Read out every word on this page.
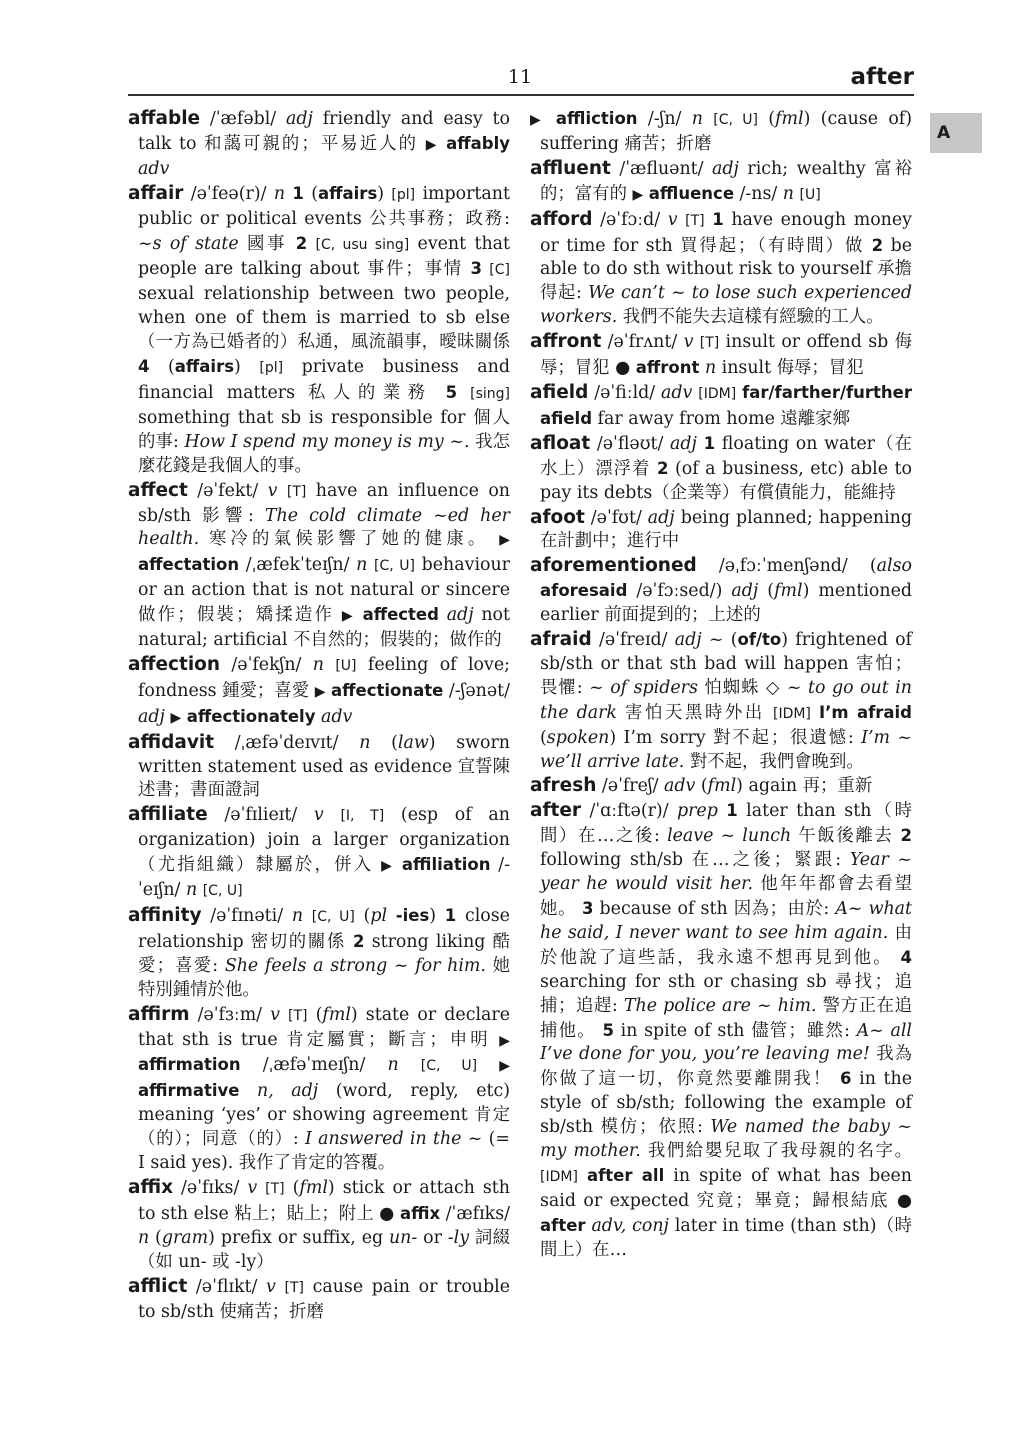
11	after
A

affable /ˈæfəbl/ adj friendly and easy to talk to 和藹可親的；平易近人的 ▶ affably adv

affair /əˈfeə(r)/ n 1 (affairs) [pl] important public or political events 公共事務；政務: ~s of state 國事 2 [C, usu sing] event that people are talking about 事件；事情 3 [C] sexual relationship between two people, when one of them is married to sb else（一方為已婚者的）私通，風流韻事，曖昧關係 4 (affairs) [pl] private business and financial matters 私人的業務 5 [sing] something that sb is responsible for 個人的事: How I spend my money is my ~. 我怎麼花錢是我個人的事。

affect /əˈfekt/ v [T] have an influence on sb/sth 影響: The cold climate ~ed her health. 寒冷的氣候影響了她的健康。 ▶ affectation /ˌæfekˈteɪʃn/ n [C, U] behaviour or an action that is not natural or sincere 做作；假裝；矯揉造作 ▶ affected adj not natural; artificial 不自然的；假裝的；做作的

affection /əˈfekʃn/ n [U] feeling of love; fondness 鍾愛；喜愛 ▶ affectionate /-ʃənət/ adj ▶ affectionately adv

affidavit /ˌæfəˈdeɪvɪt/ n (law) sworn written statement used as evidence 宣誓陳述書；書面證詞

affiliate /əˈfɪlieɪt/ v [I, T] (esp of an organization) join a larger organization（尤指組織）隸屬於，併入 ▶ affiliation /-ˈeɪʃn/ n [C, U]

affinity /əˈfɪnəti/ n [C, U] (pl -ies) 1 close relationship 密切的關係 2 strong liking 酷愛；喜愛: She feels a strong ~ for him. 她特別鍾情於他。

affirm /əˈfɜːm/ v [T] (fml) state or declare that sth is true 肯定屬實；斷言；申明 ▶ affirmation /ˌæfəˈmeɪʃn/ n [C, U] ▶ affirmative n, adj (word, reply, etc) meaning ‘yes’ or showing agreement 肯定（的）；同意（的）: I answered in the ~ (= I said yes). 我作了肯定的答覆。

affix /əˈfɪks/ v [T] (fml) stick or attach sth to sth else 粘上；貼上；附上 ● affix /ˈæfɪks/ n (gram) prefix or suffix, eg un- or -ly 詞綴（如 un- 或 -ly）

afflict /əˈflɪkt/ v [T] cause pain or trouble to sb/sth 使痛苦；折磨

▶ affliction /-ʃn/ n [C, U] (fml) (cause of) suffering 痛苦；折磨

affluent /ˈæfluənt/ adj rich; wealthy 富裕的；富有的 ▶ affluence /-ns/ n [U]

afford /əˈfɔːd/ v [T] 1 have enough money or time for sth 買得起；（有時間）做 2 be able to do sth without risk to yourself 承擔得起: We can’t ~ to lose such experienced workers. 我們不能失去這樣有經驗的工人。

affront /əˈfrʌnt/ v [T] insult or offend sb 侮辱；冒犯 ● affront n insult 侮辱；冒犯

afield /əˈfiːld/ adv [IDM] far/farther/further afield far away from home 遠離家鄉

afloat /əˈfləʊt/ adj 1 floating on water（在水上）漂浮着 2 (of a business, etc) able to pay its debts（企業等）有償債能力，能維持

afoot /əˈfʊt/ adj being planned; happening 在計劃中；進行中

aforementioned /əˌfɔːˈmenʃənd/ (also aforesaid /əˈfɔːsed/) adj (fml) mentioned earlier 前面提到的；上述的

afraid /əˈfreɪd/ adj ~ (of/to) frightened of sb/sth or that sth bad will happen 害怕；畏懼: ~ of spiders 怕蜘蛛 ◇ ~ to go out in the dark 害怕天黑時外出 [IDM] I’m afraid (spoken) I’m sorry 對不起；很遺憾: I’m ~ we’ll arrive late. 對不起，我們會晚到。

afresh /əˈfreʃ/ adv (fml) again 再；重新

after /ˈɑːftə(r)/ prep 1 later than sth（時間）在…之後: leave ~ lunch 午飯後離去 2 following sth/sb 在…之後；緊跟: Year ~ year he would visit her. 他年年都會去看望她。 3 because of sth 因為；由於: A~ what he said, I never want to see him again. 由於他說了這些話，我永遠不想再見到他。 4 searching for sth or chasing sb 尋找；追捕；追趕: The police are ~ him. 警方正在追捕他。 5 in spite of sth 儘管；雖然: A~ all I’ve done for you, you’re leaving me! 我為你做了這一切，你竟然要離開我！ 6 in the style of sb/sth; following the example of sb/sth 模仿；依照: We named the baby ~ my mother. 我們給嬰兒取了我母親的名字。 [IDM] after all in spite of what has been said or expected 究竟；畢竟；歸根結底 ● after adv, conj later in time (than sth)（時間上）在…
